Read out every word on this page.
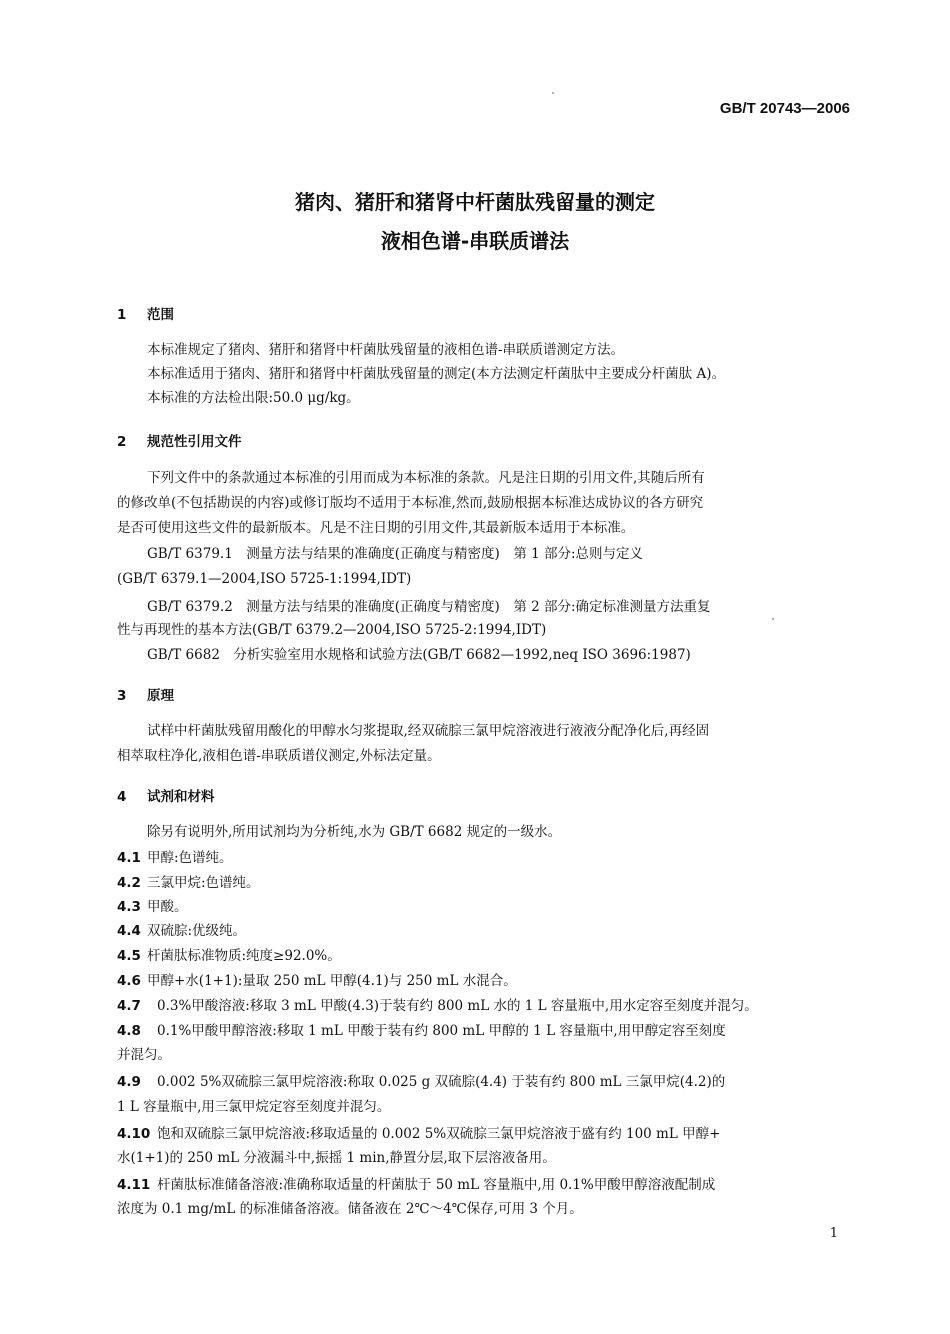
GB/T 20743—2006
猪肉、猪肝和猪肾中杆菌肽残留量的测定
液相色谱-串联质谱法
1 范围
本标准规定了猪肉、猪肝和猪肾中杆菌肽残留量的液相色谱-串联质谱测定方法。
本标准适用于猪肉、猪肝和猪肾中杆菌肽残留量的测定(本方法测定杆菌肽中主要成分杆菌肽 A)。
本标准的方法检出限:50.0 μg/kg。
2 规范性引用文件
下列文件中的条款通过本标准的引用而成为本标准的条款。凡是注日期的引用文件,其随后所有
的修改单(不包括勘误的内容)或修订版均不适用于本标准,然而,鼓励根据本标准达成协议的各方研究
是否可使用这些文件的最新版本。凡是不注日期的引用文件,其最新版本适用于本标准。
GB/T 6379.1　测量方法与结果的准确度(正确度与精密度)　第 1 部分:总则与定义
(GB/T 6379.1—2004,ISO 5725-1:1994,IDT)
GB/T 6379.2　测量方法与结果的准确度(正确度与精密度)　第 2 部分:确定标准测量方法重复
性与再现性的基本方法(GB/T 6379.2—2004,ISO 5725-2:1994,IDT)
GB/T 6682　分析实验室用水规格和试验方法(GB/T 6682—1992,neq ISO 3696:1987)
3 原理
试样中杆菌肽残留用酸化的甲醇水匀浆提取,经双硫腙三氯甲烷溶液进行液液分配净化后,再经固
相萃取柱净化,液相色谱-串联质谱仪测定,外标法定量。
4 试剂和材料
除另有说明外,所用试剂均为分析纯,水为 GB/T 6682 规定的一级水。
4.1 甲醇:色谱纯。
4.2 三氯甲烷:色谱纯。
4.3 甲酸。
4.4 双硫腙:优级纯。
4.5 杆菌肽标准物质:纯度≥92.0%。
4.6 甲醇+水(1+1):量取 250 mL 甲醇(4.1)与 250 mL 水混合。
4.7 0.3%甲酸溶液:移取 3 mL 甲酸(4.3)于装有约 800 mL 水的 1 L 容量瓶中,用水定容至刻度并混匀。
4.8 0.1%甲酸甲醇溶液:移取 1 mL 甲酸于装有约 800 mL 甲醇的 1 L 容量瓶中,用甲醇定容至刻度
并混匀。
4.9 0.002 5%双硫腙三氯甲烷溶液:称取 0.025 g 双硫腙(4.4) 于装有约 800 mL 三氯甲烷(4.2)的
1 L 容量瓶中,用三氯甲烷定容至刻度并混匀。
4.10 饱和双硫腙三氯甲烷溶液:移取适量的 0.002 5%双硫腙三氯甲烷溶液于盛有约 100 mL 甲醇+
水(1+1)的 250 mL 分液漏斗中,振摇 1 min,静置分层,取下层溶液备用。
4.11 杆菌肽标准储备溶液:准确称取适量的杆菌肽于 50 mL 容量瓶中,用 0.1%甲酸甲醇溶液配制成
浓度为 0.1 mg/mL 的标准储备溶液。储备液在 2℃～4℃保存,可用 3 个月。
1
